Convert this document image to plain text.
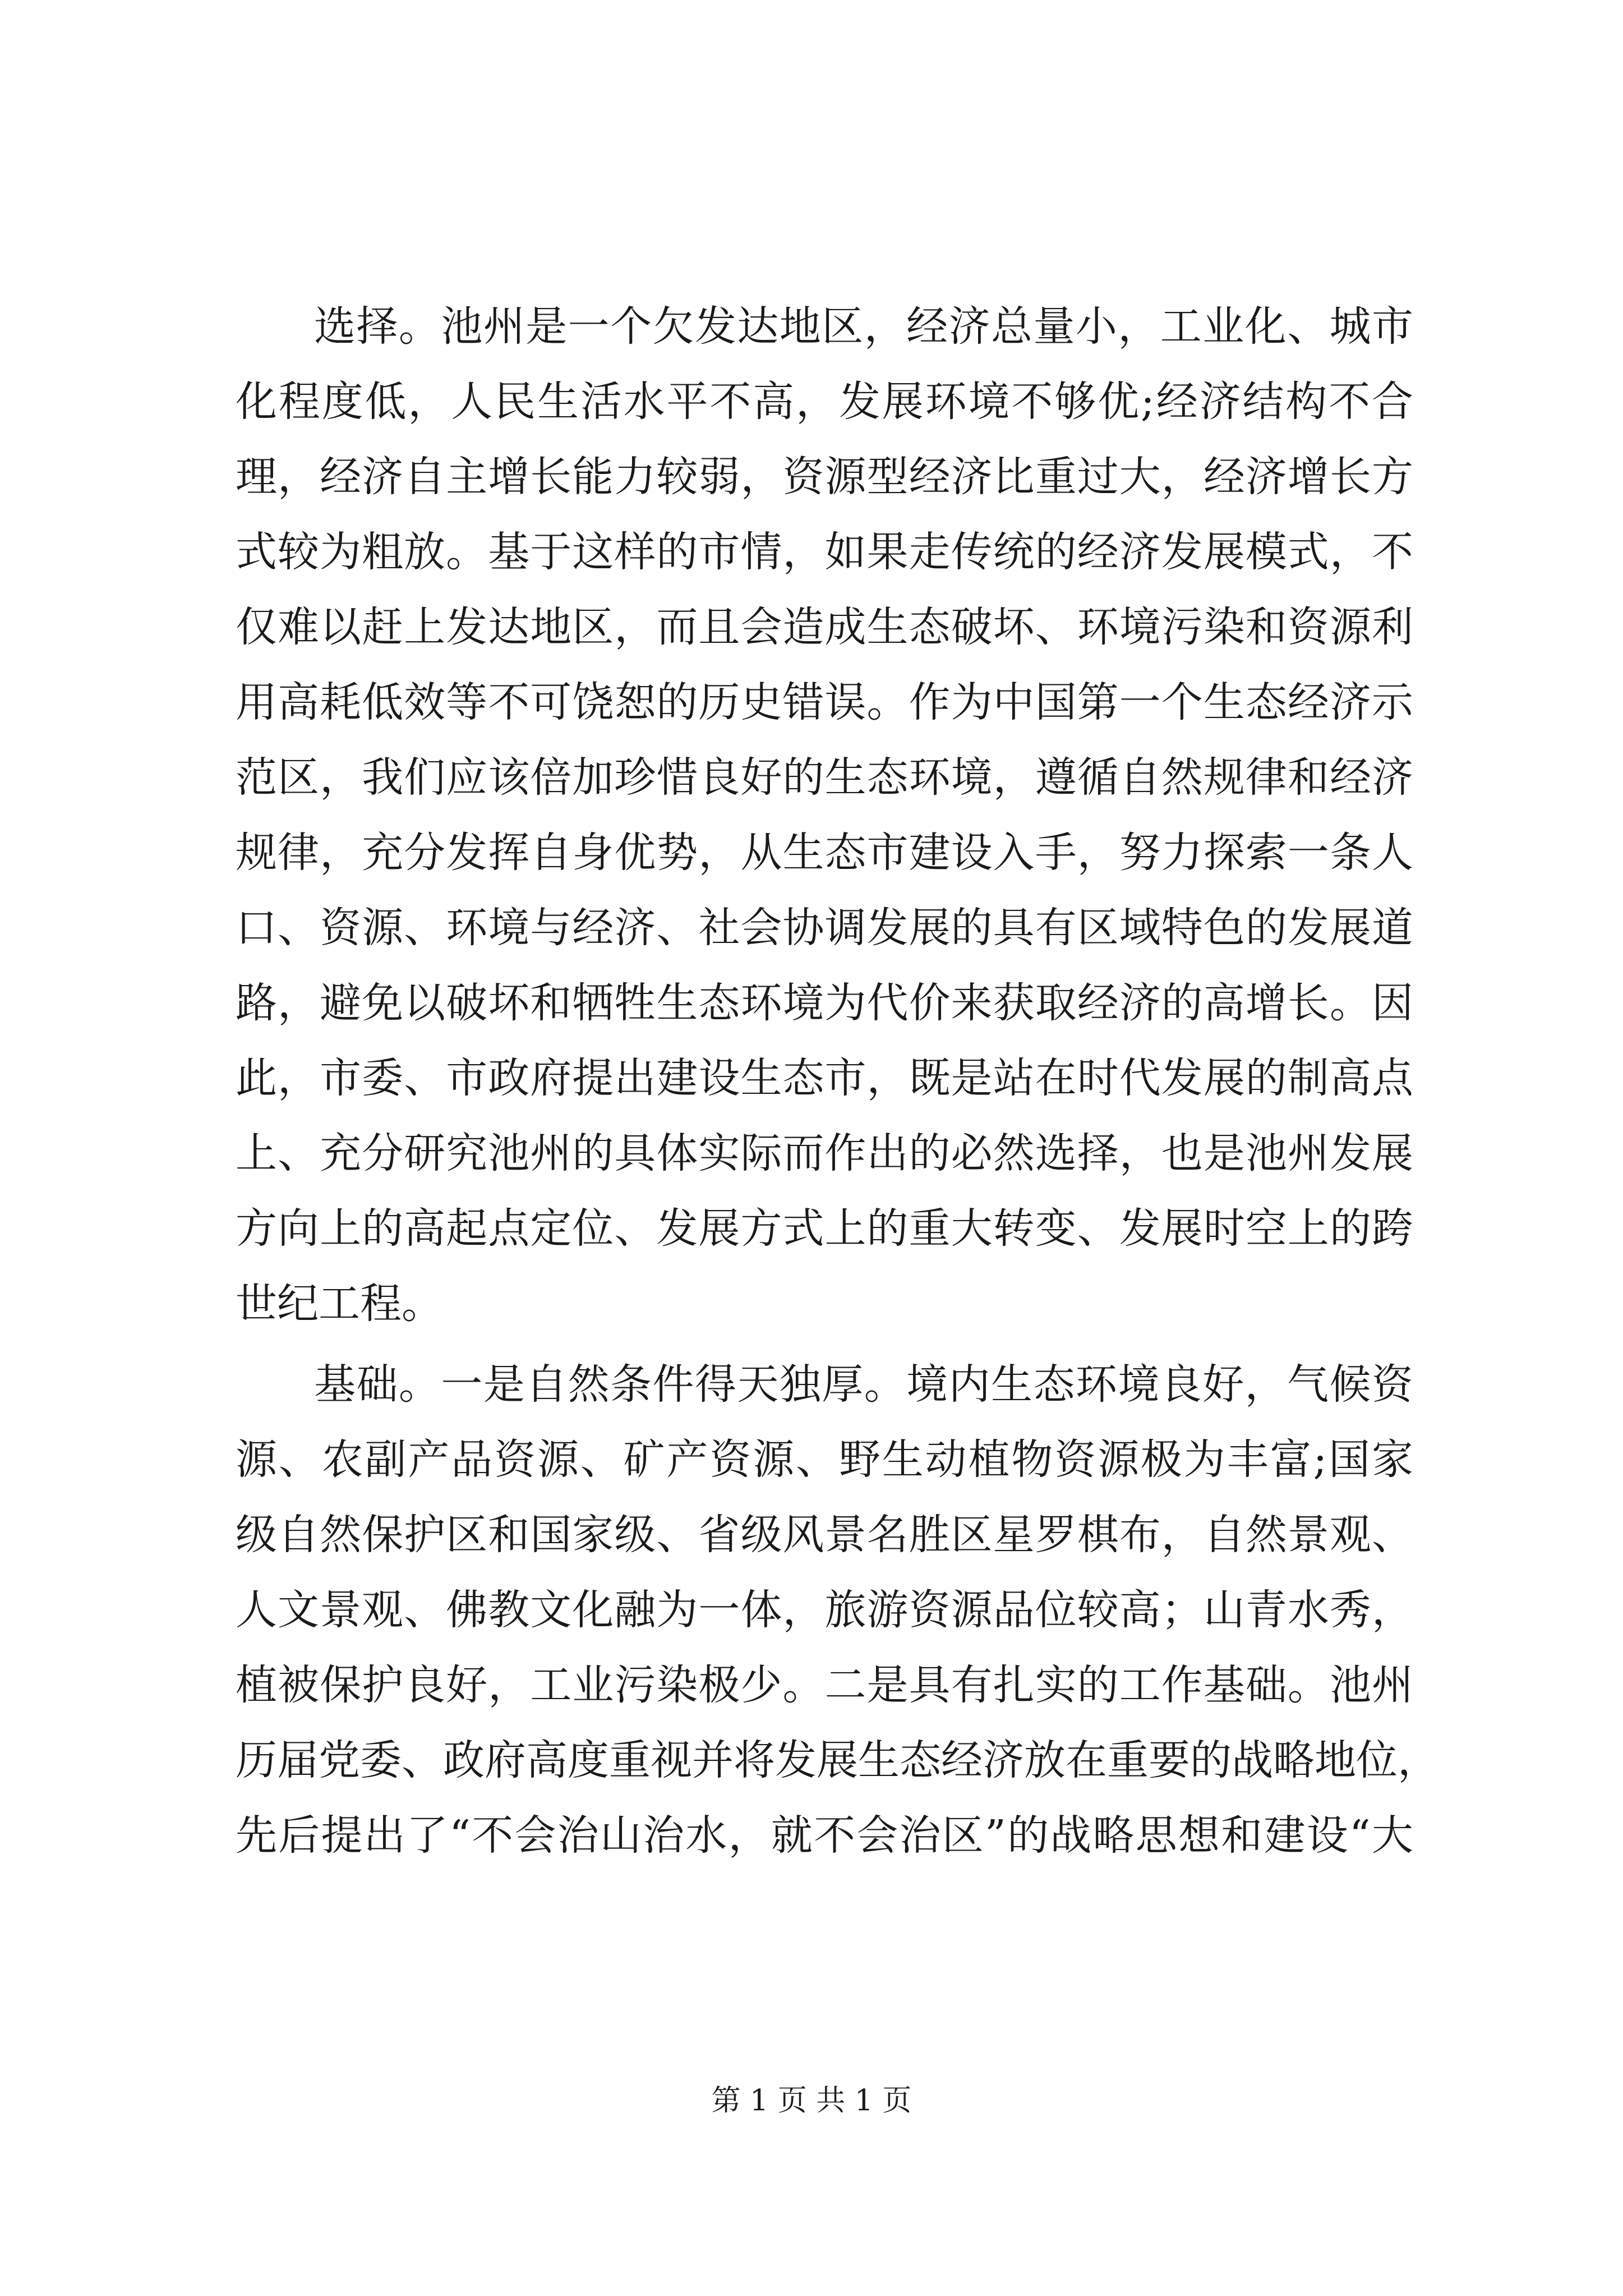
选择。池州是一个欠发达地区，经济总量小，工业化、城市
化程度低，人民生活水平不高，发展环境不够优;经济结构不合
理，经济自主增长能力较弱，资源型经济比重过大，经济增长方
式较为粗放。基于这样的市情，如果走传统的经济发展模式，不
仅难以赶上发达地区，而且会造成生态破坏、环境污染和资源利
用高耗低效等不可饶恕的历史错误。作为中国第一个生态经济示
范区，我们应该倍加珍惜良好的生态环境，遵循自然规律和经济
规律，充分发挥自身优势，从生态市建设入手，努力探索一条人
口、资源、环境与经济、社会协调发展的具有区域特色的发展道
路，避免以破坏和牺牲生态环境为代价来获取经济的高增长。因
此，市委、市政府提出建设生态市，既是站在时代发展的制高点
上、充分研究池州的具体实际而作出的必然选择，也是池州发展
方向上的高起点定位、发展方式上的重大转变、发展时空上的跨
世纪工程。
基础。一是自然条件得天独厚。境内生态环境良好，气候资
源、农副产品资源、矿产资源、野生动植物资源极为丰富;国家
级自然保护区和国家级、省级风景名胜区星罗棋布，自然景观、
人文景观、佛教文化融为一体，旅游资源品位较高；山青水秀，
植被保护良好，工业污染极少。二是具有扎实的工作基础。池州
历届党委、政府高度重视并将发展生态经济放在重要的战略地位，
先后提出了“不会治山治水，就不会治区”的战略思想和建设“大
第 1 页 共 1 页
